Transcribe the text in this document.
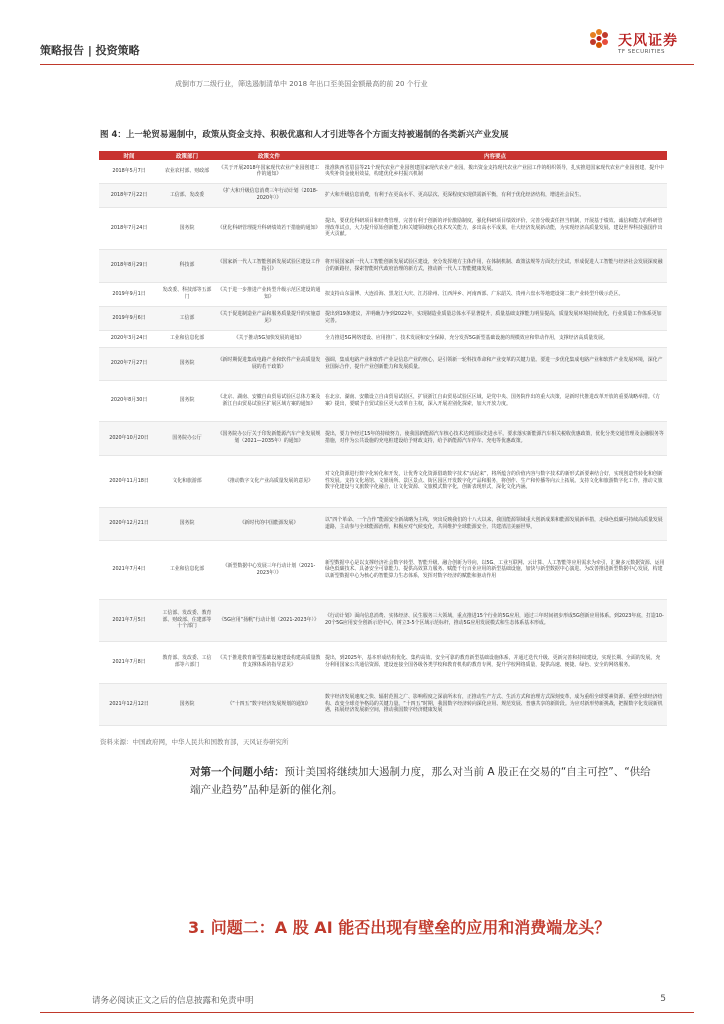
策略报告 | 投资策略
天风证券
TF SECURITIES
成倒市万二级行业，筛选遏制清单中 2018 年出口至美国金额最高的前 20 个行业
图 4：上一轮贸易遏制中，政策从资金支持、积极优惠和人才引进等各个方面支持被遏制的各类新兴产业发展
时间	政策部门	政策文件	内容要点
2018年5月7日	农业农村部、财政部	《关于开展2018年国家现代农业产业园创建工作的通知》	批准陕西省眉县等21个现代农业产业园创建国家现代农业产业园，拨出资金支持现代农业产业园工作的组织领导，扎实推进国家现代农业产业园创建，提升中央奖补资金使用效益，构建优化乡村振兴机制
2018年7月22日	工信部、发改委	《扩大和升级信息消费三年行动计划（2018-2020年）》	扩大和升级信息消费，有利于在更高水平、更高层次、更深程度实现供需新平衡，有利于优化经济结构，增进社会民生。
2018年7月24日	国务院	《优化科研管理提升科研绩效若干措施的通知》	提出，要优化科研项目和经费管理，完善有利于创新的评价激励制度，强化科研项目绩效评价，完善分级责任担当机制，开展基于绩效、诚信和能力的科研管理改革试点，大力提升原始创新能力和关键领域核心技术攻关能力，多出高水平成果，壮大经济发展新动能，为实现经济高质量发展、建设世界科技强国作出更大贡献。
2018年8月29日	科技部	《国家新一代人工智能创新发展试验区建设工作指引》	将开展国家新一代人工智能创新发展试验区建设，充分发挥地方主体作用，在体制机制、政策法规等方面先行先试，形成促进人工智能与经济社会发展深度融合的新路径，探索智能时代政府治理的新方式，推动新一代人工智能健康发展。
2019年9月1日	发改委、科技部等五部门	《关于进一步推进产业转型升级示范区建设的通知》	拟支持山东淄博、大连沿海、黑龙江大庆、江苏徐州、江西萍乡、河南西部、广东韶关、贵州六盘水等地建设第二批产业转型升级示范区。
2019年9月6日	工信部	《关于促进制造业产品和服务质量提升的实施意见》	提出到19条建议，并明确力争到2022年，实现制造业质量总体水平显著提升，质量基础支撑能力明显提高，质量发展环境持续优化，行业质量工作体系更加完善。
2020年3月24日	工业和信息化部	《关于推动5G加快发展的通知》	全力推进5G网络建设、应用推广、技术发展和安全保障，充分发挥5G新型基础设施的规模效应和带动作用，支撑经济高质量发展。
2020年7月27日	国务院	《新时期促进集成电路产业和软件产业高质量发展的若干政策》	强调，集成电路产业和软件产业是信息产业的核心，是引领新一轮科技革命和产业变革的关键力量。要进一步优化集成电路产业和软件产业发展环境，深化产业国际合作，提升产业创新能力和发展质量。
2020年8月30日	国务院	《北京、湖南、安徽自由贸易试验区总体方案及浙江自由贸易试验区扩展区域方案的通知》	在北京、湖南、安徽设立自由贸易试验区，扩展浙江自由贸易试验区区域，是党中央、国务院作出的重大决策，是新时代推进改革开放的重要战略举措。《方案》提出，要赋予自贸试验区更大改革自主权，深入开展差别化探索，加大开放力度。
2020年10月20日	国务院办公厅	《国务院办公厅关于印发新能源汽车产业发展规划（2021—2035年）的通知》	提出，要力争经过15年的持续努力，使我国新能源汽车核心技术达到国际先进水平。要求落实新能源汽车相关税收优惠政策，优化分类交通管理及金融服务等措施，对作为公共设施的充电桩建设给予财政支持，给予新能源汽车停车、充电等优惠政策。
2020年11月18日	文化和旅游部	《推动数字文化产业高质量发展的意见》	对文化资源进行数字化转化和开发，让优秀文化资源借助数字技术“活起来”，将所蕴含的价值内容与数字技术的新形式新要素结合好，实现创造性转化和创新性发展。支持文化场馆、文娱场所、景区景点、街区园区开发数字化产品和服务，将创作、生产和传播等向云上拓展。支持文化和旅游数字化工作，推动文旅数字化建设与文旅数字化融合，让文化资源、文旅模式数字化，创新表现形式，深化文化内涵。
2020年12月21日	国务院	《新时代的中国能源发展》	以“四个革命、一个合作”能源安全新战略为主线，突出反映我们的十八大以来，我国能源领域重大创新成果和能源发展新举措，走绿色低碳可持续高质量发展道路，主动参与全球能源治理，积极应对气候变化，共同维护全球能源安全，共建清洁美丽世界。
2021年7月4日	工业和信息化部	《新型数据中心发展三年行动计划（2021-2023年）》	新型数据中心是以支撑经济社会数字转型、智能升级、融合创新为导向，以5G、工业互联网、云计算、人工智能等应用需求为牵引，汇聚多元数据资源、运用绿色低碳技术、具备安全可靠能力、提供高效算力服务、赋能千行百业应用的新型基础设施，加快与新型数据中心演进。为改善推进新型数据中心发展，构建以新型数据中心为核心的智能算力生态体系，发挥对数字经济的赋能和驱动作用
2021年7月5日	工信部、发改委、教育部、财政部、住建部等十个部门	《5G应用“扬帆”行动计划（2021-2023年）》	《行动计划》面向信息消费、实体经济、民生服务三大领域，重点推进15个行业的5G应用，通过三年时间初步形成5G创新应用体系。到2023年底，打造10-20个5G应用安全创新示范中心，树立3-5个区域示范标杆，推动5G应用发展模式和生态体系基本形成。
2021年7月8日	教育部、发改委、工信部等六部门	《关于推进教育新型基础设施建设构建高质量教育支撑体系的指导意见》	提出，到2025年，基本形成结构优化、集约高效、安全可靠的教育新型基础设施体系，并通过迭代升级、更新完善和持续建设，实现长期、全面的发展。充分利用国家公共通信资源，建设连接全国各级各类学校和教育机构的教育专网，提升学校网络质量，提供高速、便捷、绿色、安全的网络服务。
2021年12月12日	国务院	《“十四五”数字经济发展规划的通知》	数字经济发展速度之快、辐射范围之广、影响程度之深前所未有，正推动生产方式、生活方式和治理方式深刻变革，成为重组全球要素资源、重塑全球经济结构、改变全球竞争格局的关键力量。“十四五”时期，我国数字经济转向深化应用、规范发展、普惠共享的新阶段。为应对新形势新挑战，把握数字化发展新机遇，拓展经济发展新空间，推动我国数字经济健康发展
资料来源：中国政府网，中华人民共和国教育部，天风证券研究所
对第一个问题小结：预计美国将继续加大遏制力度，那么对当前 A 股正在交易的“自主可控”、“供给端产业趋势”品种是新的催化剂。
3. 问题二：A 股 AI 能否出现有壁垒的应用和消费端龙头？
请务必阅读正文之后的信息披露和免责申明	5
